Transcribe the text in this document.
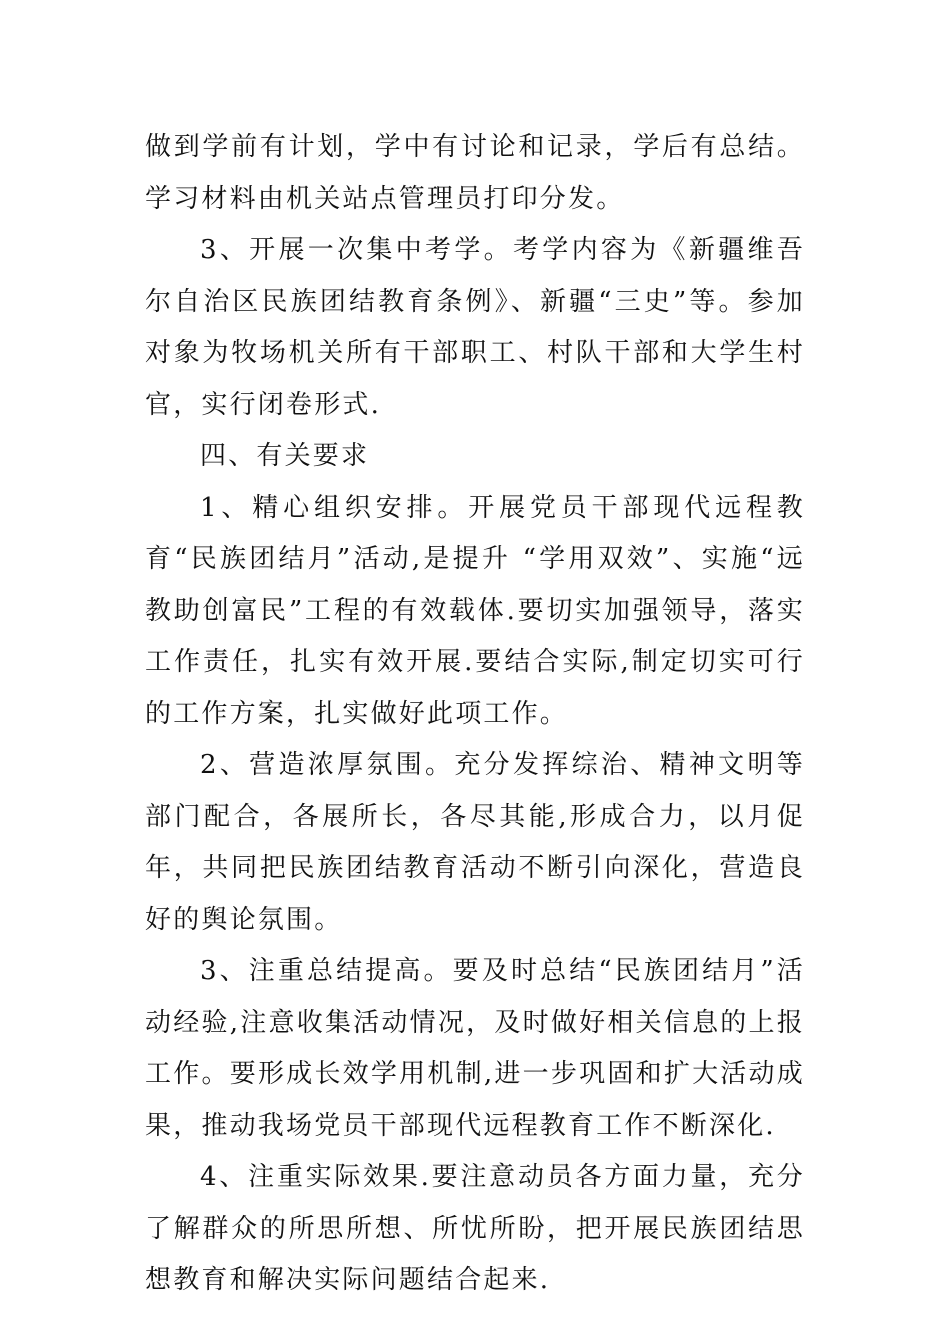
做到学前有计划，学中有讨论和记录，学后有总结。学习材料由机关站点管理员打印分发。

3、开展一次集中考学。考学内容为《新疆维吾尔自治区民族团结教育条例》、新疆“三史”等。参加对象为牧场机关所有干部职工、村队干部和大学生村官，实行闭卷形式.

四、有关要求

1、精心组织安排。开展党员干部现代远程教育“民族团结月”活动,是提升 “学用双效”、实施“远教助创富民”工程的有效载体.要切实加强领导，落实工作责任，扎实有效开展.要结合实际,制定切实可行的工作方案，扎实做好此项工作。

2、营造浓厚氛围。充分发挥综治、精神文明等部门配合，各展所长，各尽其能,形成合力，以月促年，共同把民族团结教育活动不断引向深化，营造良好的舆论氛围。

3、注重总结提高。要及时总结“民族团结月”活动经验,注意收集活动情况，及时做好相关信息的上报工作。要形成长效学用机制,进一步巩固和扩大活动成果，推动我场党员干部现代远程教育工作不断深化.

4、注重实际效果.要注意动员各方面力量，充分了解群众的所思所想、所忧所盼，把开展民族团结思想教育和解决实际问题结合起来.
